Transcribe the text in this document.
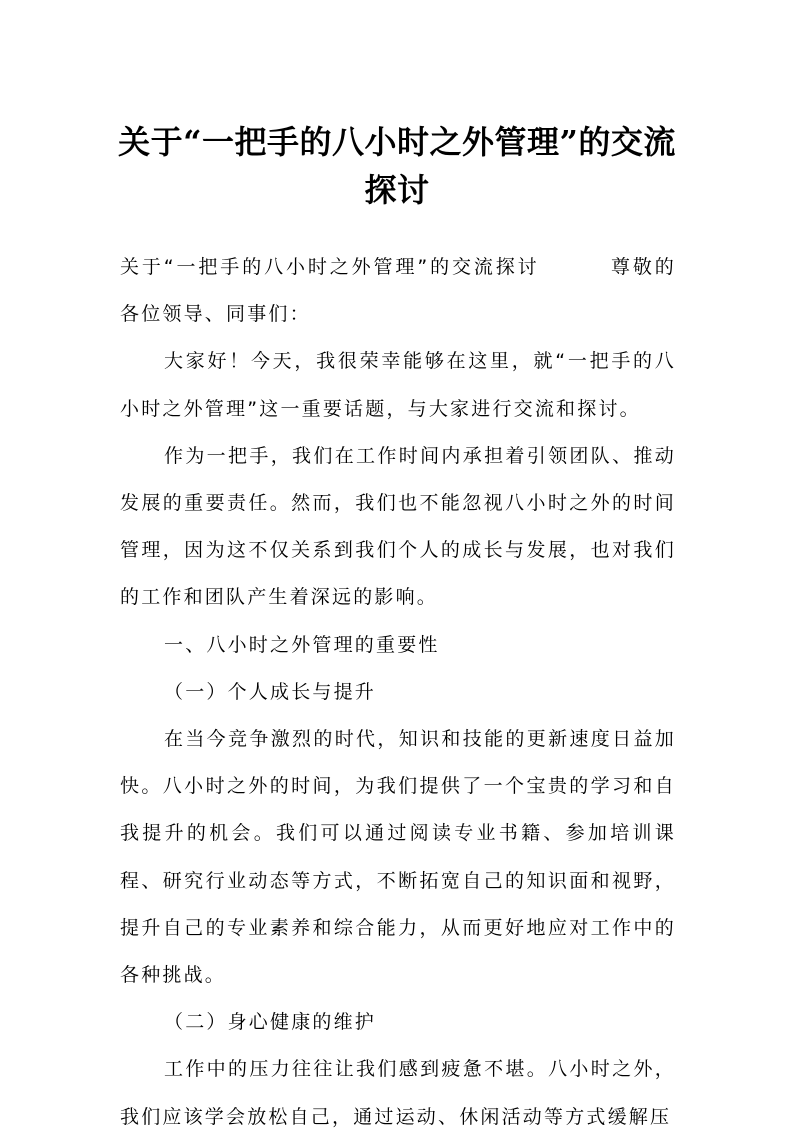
关于“一把手的八小时之外管理”的交流探讨

关于“一把手的八小时之外管理”的交流探讨        尊敬的各位领导、同事们：

大家好！今天，我很荣幸能够在这里，就“一把手的八小时之外管理”这一重要话题，与大家进行交流和探讨。

作为一把手，我们在工作时间内承担着引领团队、推动发展的重要责任。然而，我们也不能忽视八小时之外的时间管理，因为这不仅关系到我们个人的成长与发展，也对我们的工作和团队产生着深远的影响。

一、八小时之外管理的重要性

（一）个人成长与提升

在当今竞争激烈的时代，知识和技能的更新速度日益加快。八小时之外的时间，为我们提供了一个宝贵的学习和自我提升的机会。我们可以通过阅读专业书籍、参加培训课程、研究行业动态等方式，不断拓宽自己的知识面和视野，提升自己的专业素养和综合能力，从而更好地应对工作中的各种挑战。

（二）身心健康的维护

工作中的压力往往让我们感到疲惫不堪。八小时之外，我们应该学会放松自己，通过运动、休闲活动等方式缓解压
